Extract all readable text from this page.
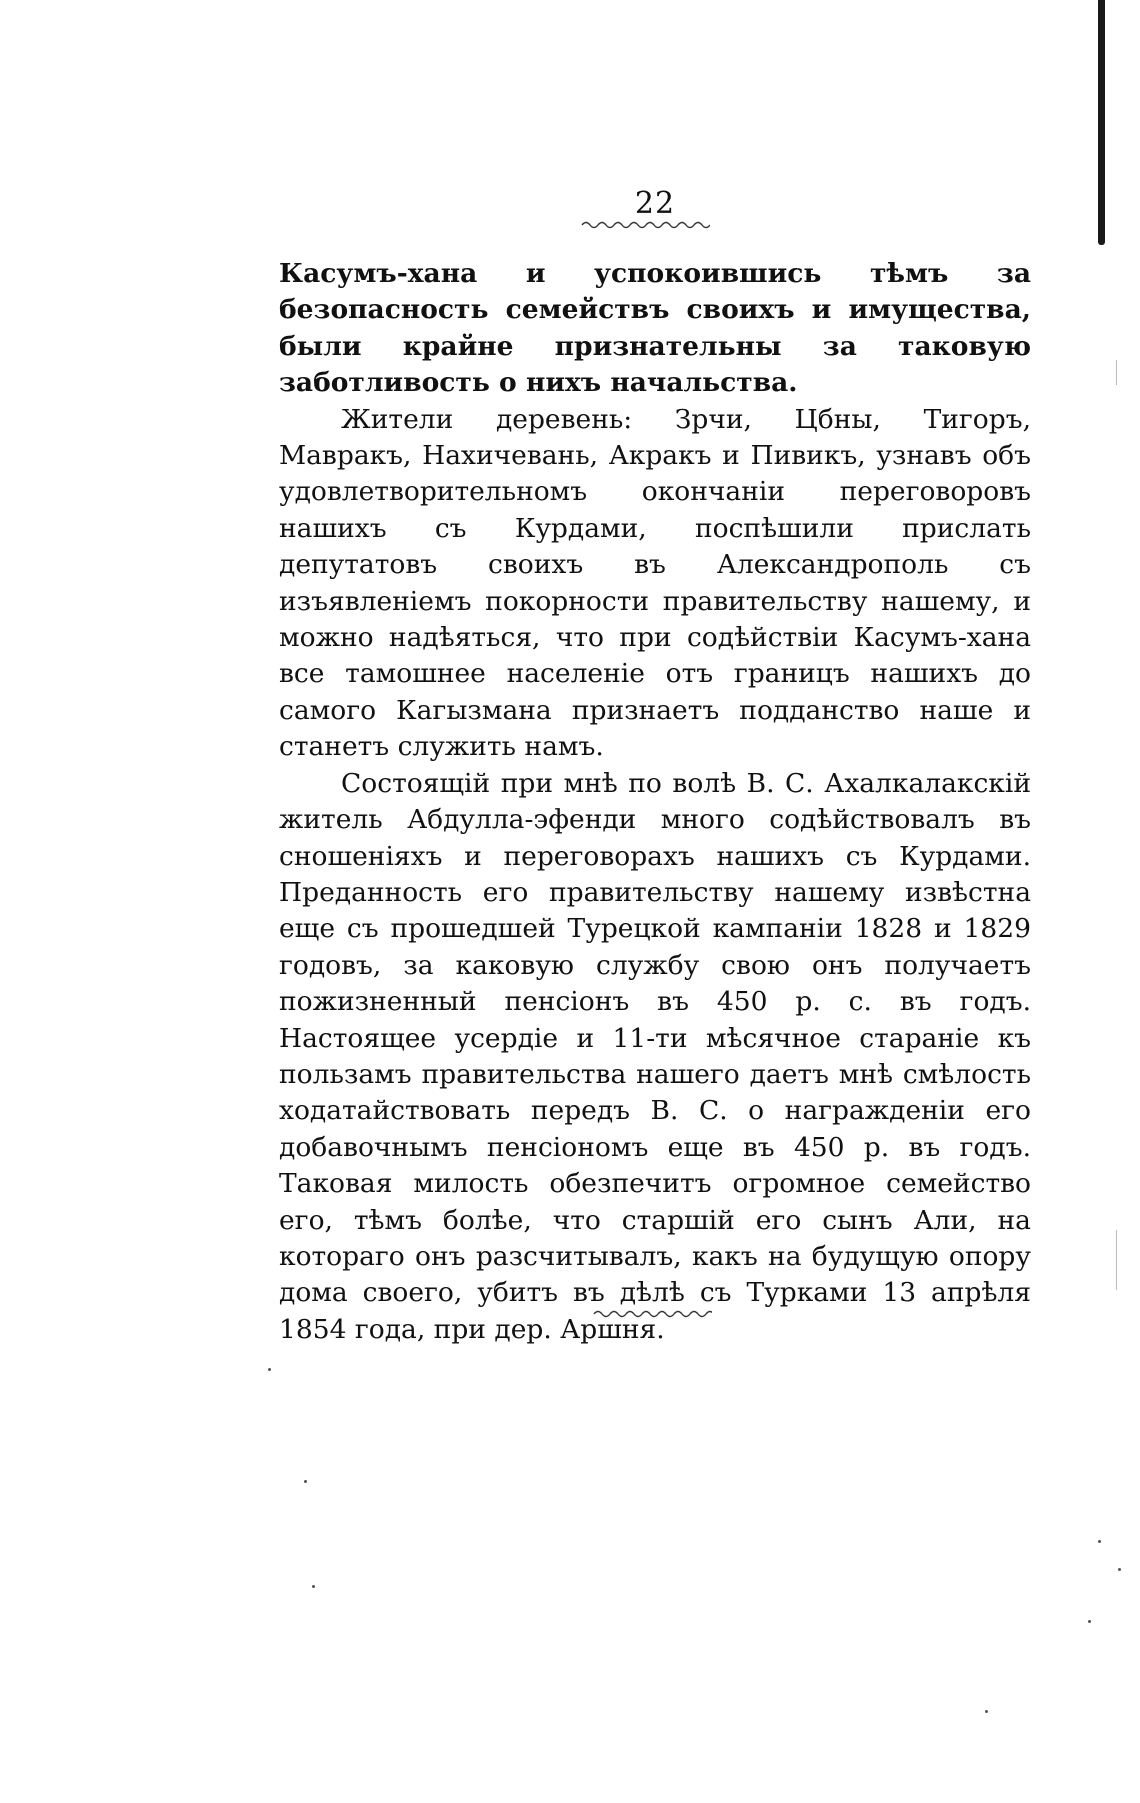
22

Касумъ-хана и успокоившись тѣмъ за безопасность семействъ своихъ и имущества, были крайне признательны за таковую заботливость о нихъ начальства.

Жители деревень: Зрчи, Цбны, Тигоръ, Мавракъ, Нахичевань, Акракъ и Пивикъ, узнавъ объ удовлетворительномъ окончаніи переговоровъ нашихъ съ Курдами, поспѣшили прислать депутатовъ своихъ въ Александрополь съ изъявленіемъ покорности правительству нашему, и можно надѣяться, что при содѣйствіи Касумъ-хана все тамошнее населеніе отъ границъ нашихъ до самого Кагызмана признаетъ подданство наше и станетъ служить намъ.

Состоящій при мнѣ по волѣ В. С. Ахалкалакскій житель Абдулла-эфенди много содѣйствовалъ въ сношеніяхъ и переговорахъ нашихъ съ Курдами. Преданность его правительству нашему извѣстна еще съ прошедшей Турецкой кампаніи 1828 и 1829 годовъ, за каковую службу свою онъ получаетъ пожизненный пенсіонъ въ 450 р. с. въ годъ. Настоящее усердіе и 11-ти мѣсячное стараніе къ пользамъ правительства нашего даетъ мнѣ смѣлость ходатайствовать передъ В. С. о награжденіи его добавочнымъ пенсіономъ еще въ 450 р. въ годъ. Таковая милость обезпечитъ огромное семейство его, тѣмъ болѣе, что старшій его сынъ Али, на котораго онъ разсчитывалъ, какъ на будущую опору дома своего, убитъ въ дѣлѣ съ Турками 13 апрѣля 1854 года, при дер. Аршня.
